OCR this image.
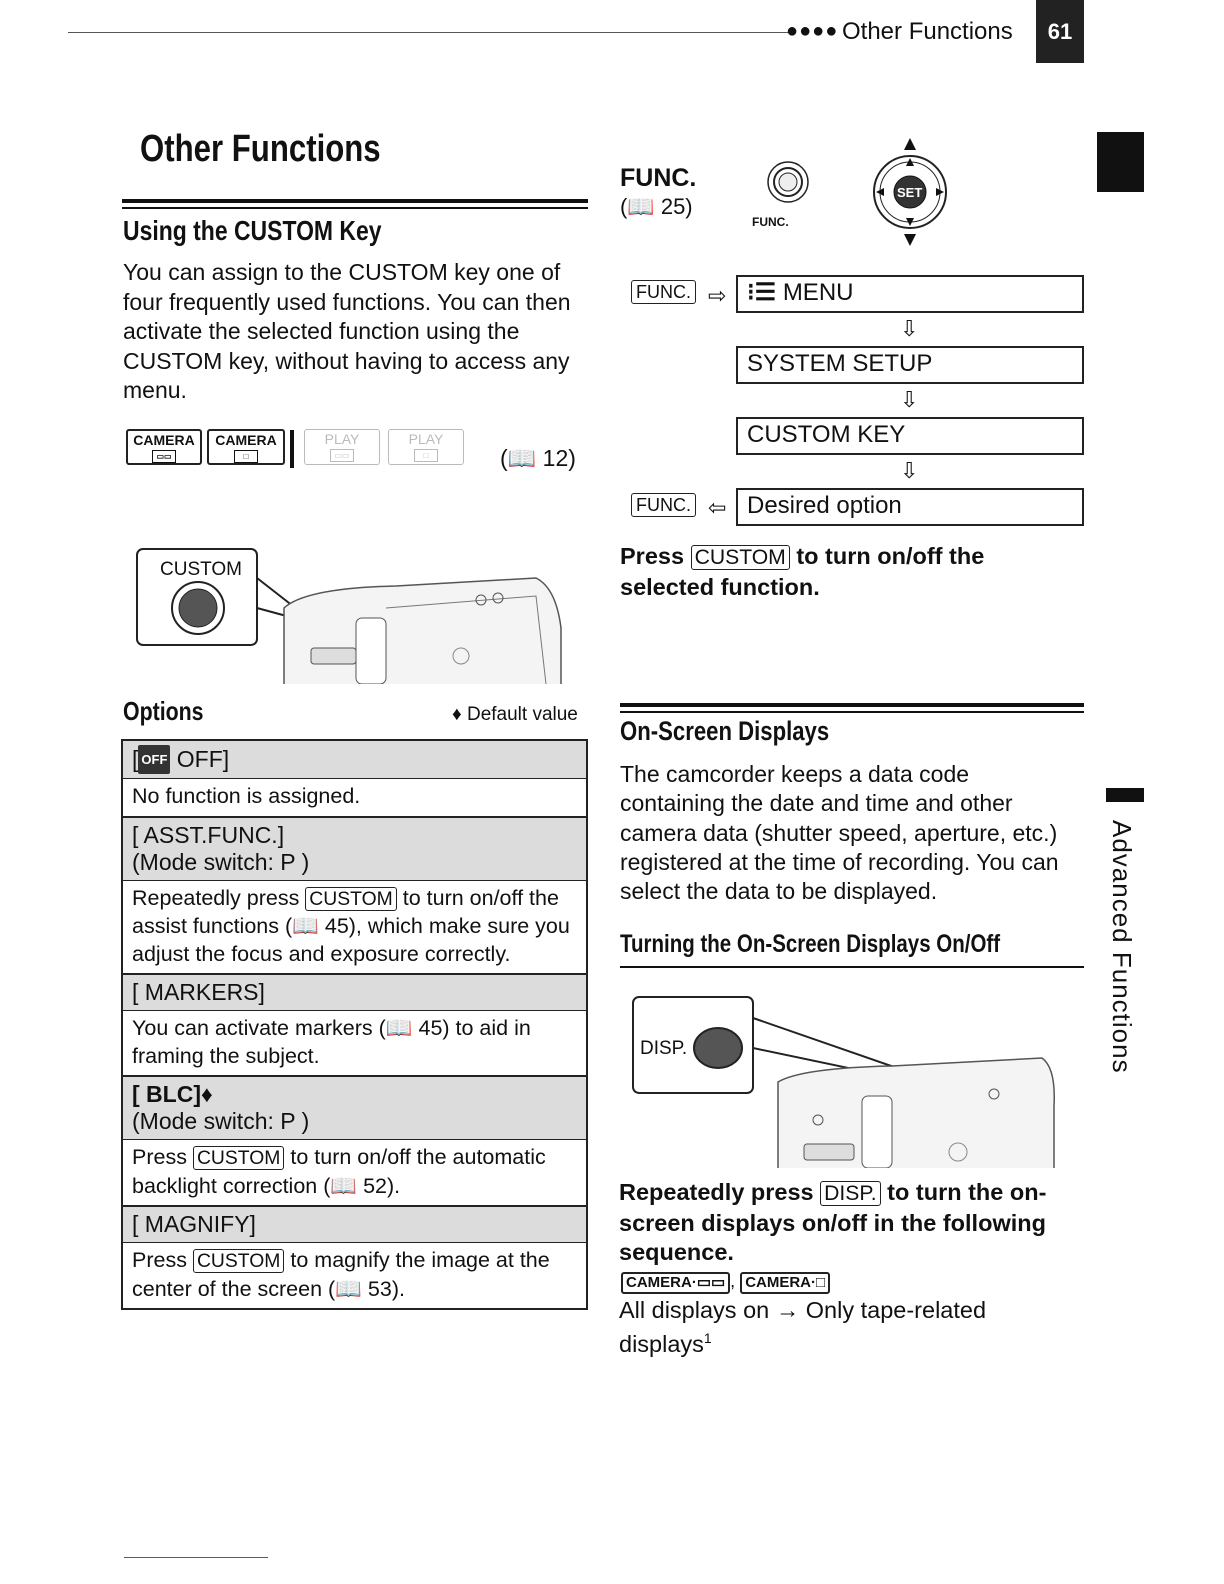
●●●● Other Functions	61
Advanced Functions
Other Functions
Using the CUSTOM Key
You can assign to the CUSTOM key one of four frequently used functions. You can then activate the selected function using the CUSTOM key, without having to access any menu.
CAMERA
▭▭
CAMERA
□
PLAY
▭▭
PLAY
□	(📖 12)
CUSTOM
Options	♦ Default value
[ OFF OFF]
No function is assigned.
[ ASST.FUNC.]
(Mode switch: P )
Repeatedly press CUSTOM to turn on/off the assist functions (📖 45), which make sure you adjust the focus and exposure correctly.
[ MARKERS]
You can activate markers (📖 45) to aid in framing the subject.
[ BLC]♦
(Mode switch: P )
Press CUSTOM to turn on/off the automatic backlight correction (📖 52).
[ MAGNIFY]
Press CUSTOM to magnify the image at the center of the screen (📖 53).
FUNC.
(📖 25)
FUNC.
SET
FUNC. ⇨ ⁝☰ MENU
⇩
SYSTEM SETUP
⇩
CUSTOM KEY
⇩
FUNC. ⇦ Desired option
Press CUSTOM to turn on/off the selected function.
On-Screen Displays
The camcorder keeps a data code containing the date and time and other camera data (shutter speed, aperture, etc.) registered at the time of recording. You can select the data to be displayed.
Turning the On-Screen Displays On/Off
DISP.
Repeatedly press DISP. to turn the on-screen displays on/off in the following sequence.
CAMERA·▭▭ , CAMERA·□
All displays on → Only tape-related displays$^1$
